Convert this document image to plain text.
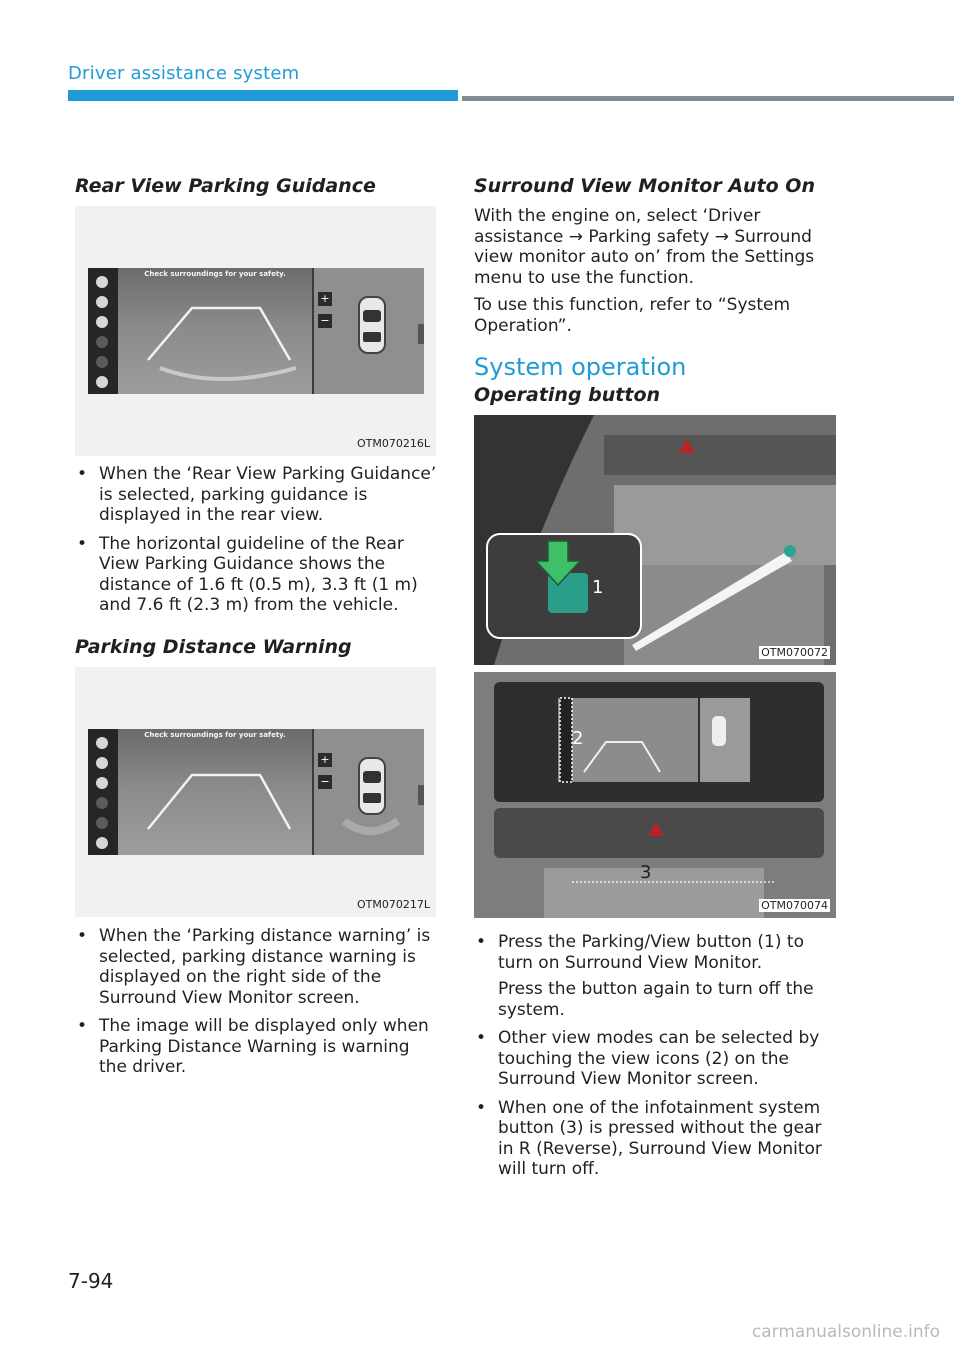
Driver assistance system
Rear View Parking Guidance
Check surroundings for your safety.
+
−
OTM070216L
• When the ‘Rear View Parking Guidance’ is selected, parking guidance is displayed in the rear view.
• The horizontal guideline of the Rear View Parking Guidance shows the distance of 1.6 ft (0.5 m), 3.3 ft (1 m) and 7.6 ft (2.3 m) from the vehicle.
Parking Distance Warning
Check surroundings for your safety.
+
−
OTM070217L
• When the ‘Parking distance warning’ is selected, parking distance warning is displayed on the right side of the Surround View Monitor screen.
• The image will be displayed only when Parking Distance Warning is warning the driver.
Surround View Monitor Auto On
With the engine on, select ‘Driver assistance → Parking safety → Surround view monitor auto on’ from the Settings menu to use the function.
To use this function, refer to “System Operation”.
System operation
Operating button
1
OTM070072
2
3
OTM070074
• Press the Parking/View button (1) to turn on Surround View Monitor.

Press the button again to turn off the system.

• Other view modes can be selected by touching the view icons (2) on the Surround View Monitor screen.
• When one of the infotainment system button (3) is pressed without the gear in R (Reverse), Surround View Monitor will turn off.
7-94
carmanualsonline.info
